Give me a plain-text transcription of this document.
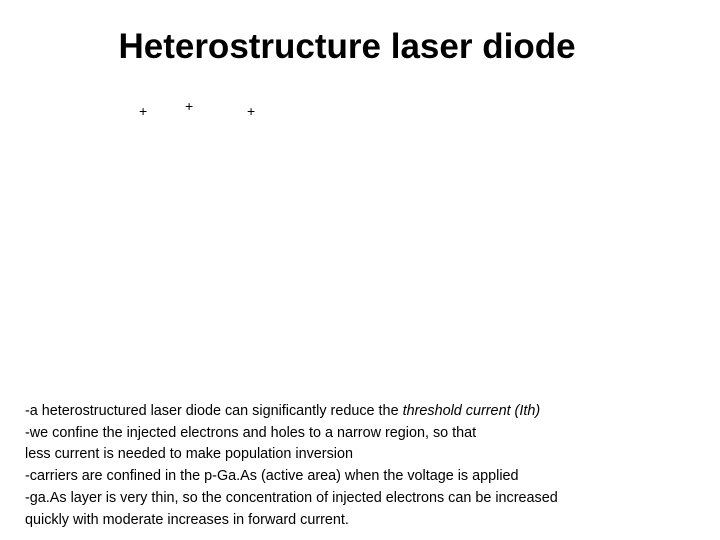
Heterostructure laser diode
+	+	+

-a heterostructured laser diode can significantly reduce the threshold current (Ith)

-we confine the injected electrons and holes to a narrow region, so that

less current is needed to make population inversion

-carriers are confined in the p-Ga.As (active area) when the voltage is applied

-ga.As layer is very thin, so the concentration of injected electrons can be increased

quickly with moderate increases in forward current.
